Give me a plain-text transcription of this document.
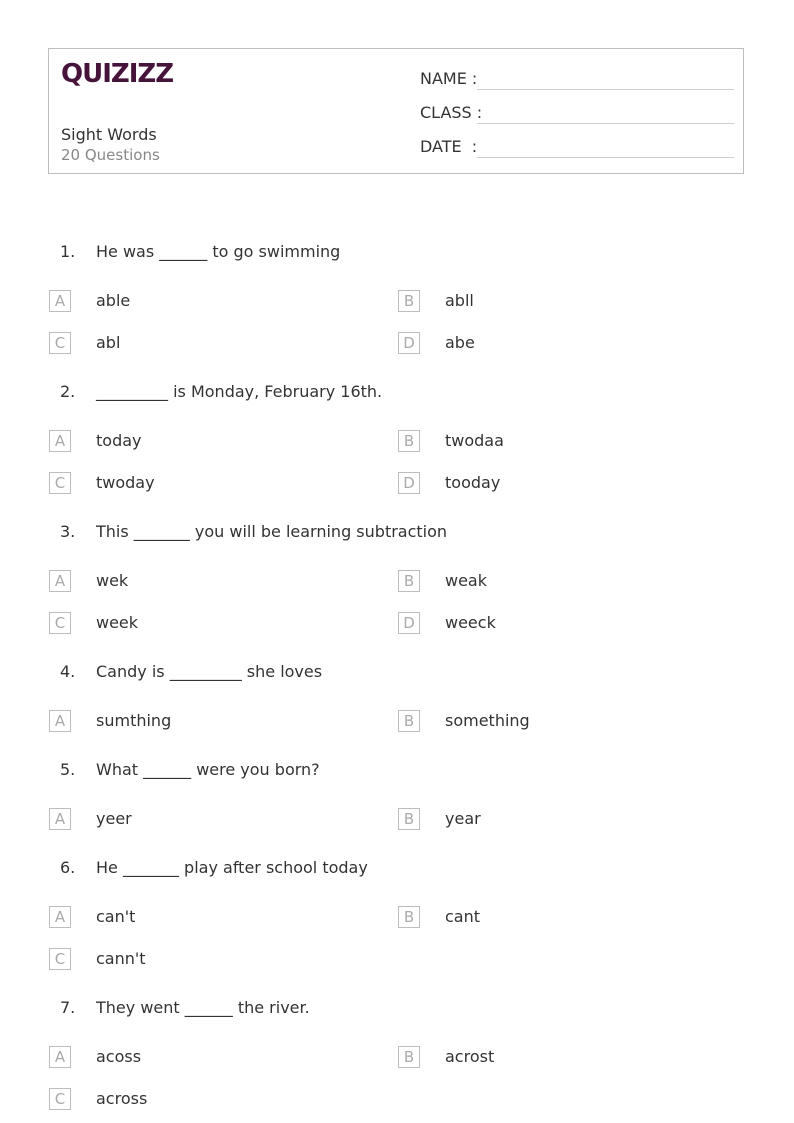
QUIZIZZ
Sight Words
20 Questions
NAME :
CLASS :
DATE  :
1. He was ______ to go swimming
A	able	B	abll
C	abl	D	abe
2. _________ is Monday, February 16th.
A	today	B	twodaa
C	twoday	D	tooday
3. This _______ you will be learning subtraction
A	wek	B	weak
C	week	D	weeck
4. Candy is _________ she loves
A	sumthing	B	something
5. What ______ were you born?
A	yeer	B	year
6. He _______ play after school today
A	can't	B	cant
C	cann't
7. They went ______ the river.
A	acoss	B	acrost
C	across
